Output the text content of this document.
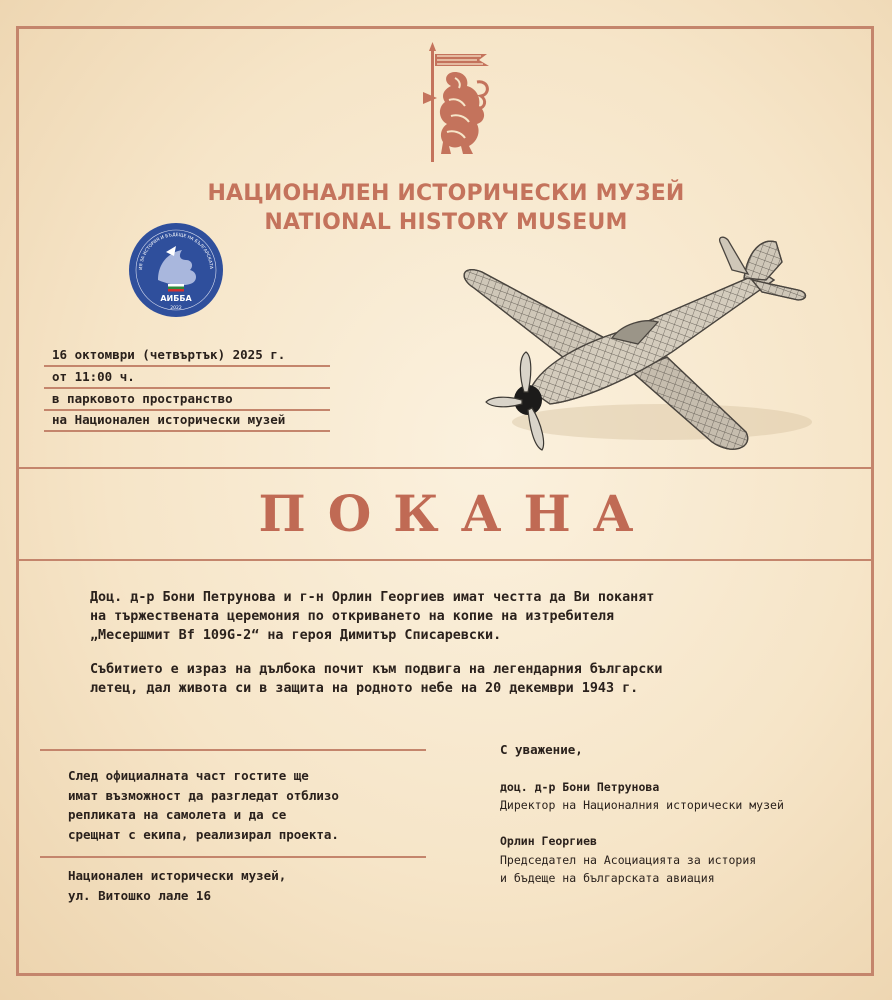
НАЦИОНАЛЕН ИСТОРИЧЕСКИ МУЗЕЙ
NATIONAL HISTORY MUSEUM
ИЯ ЗА ИСТОРИЯ И БЪДЕЩЕ НА БЪЛГАРСКАТА
АИББА
2022
16 октомври (четвъртък) 2025 г.
от 11:00 ч.
в парковото пространство
на Национален исторически музей
ПОКАНА
Доц. д-р Бони Петрунова и г-н Орлин Георгиев имат честта да Ви поканят
на тържествената церемония по откриването на копие на изтребителя
„Месершмит Bf 109G-2“ на героя Димитър Списаревски.
Събитието е израз на дълбока почит към подвига на легендарния български
летец, дал живота си в защита на родното небе на 20 декември 1943 г.
След официалната част гостите ще
имат възможност да разгледат отблизо
репликата на самолета и да се
срещнат с екипа, реализирал проекта.
Национален исторически музей,
ул. Витошко лале 16
С уважение,
доц. д-р Бони Петрунова
Директор на Националния исторически музей
Орлин Георгиев
Председател на Асоциацията за история
и бъдеще на българската авиация
